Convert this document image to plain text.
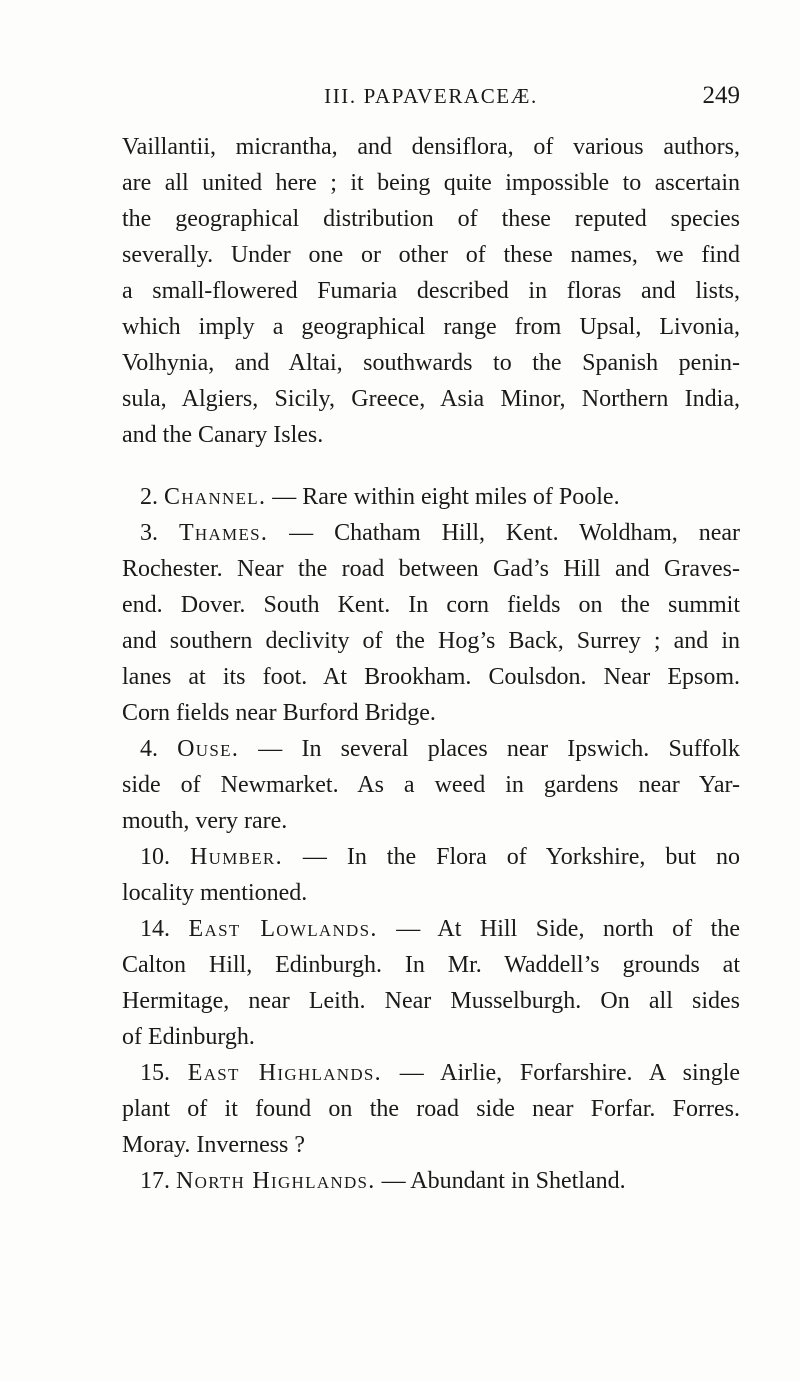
III. PAPAVERACEÆ.	249
Vaillantii, micrantha, and densiflora, of various authors,
are all united here ; it being quite impossible to ascertain
the geographical distribution of these reputed species
severally. Under one or other of these names, we find
a small-flowered Fumaria described in floras and lists,
which imply a geographical range from Upsal, Livonia,
Volhynia, and Altai, southwards to the Spanish penin-
sula, Algiers, Sicily, Greece, Asia Minor, Northern India,
and the Canary Isles.
2. Channel. — Rare within eight miles of Poole.
3. Thames. — Chatham Hill, Kent. Woldham, near
Rochester. Near the road between Gad’s Hill and Graves-
end. Dover. South Kent. In corn fields on the summit
and southern declivity of the Hog’s Back, Surrey ; and in
lanes at its foot. At Brookham. Coulsdon. Near Epsom.
Corn fields near Burford Bridge.
4. Ouse. — In several places near Ipswich. Suffolk
side of Newmarket. As a weed in gardens near Yar-
mouth, very rare.
10. Humber. — In the Flora of Yorkshire, but no
locality mentioned.
14. East Lowlands. — At Hill Side, north of the
Calton Hill, Edinburgh. In Mr. Waddell’s grounds at
Hermitage, near Leith. Near Musselburgh. On all sides
of Edinburgh.
15. East Highlands. — Airlie, Forfarshire. A single
plant of it found on the road side near Forfar. Forres.
Moray. Inverness ?
17. North Highlands. — Abundant in Shetland.
